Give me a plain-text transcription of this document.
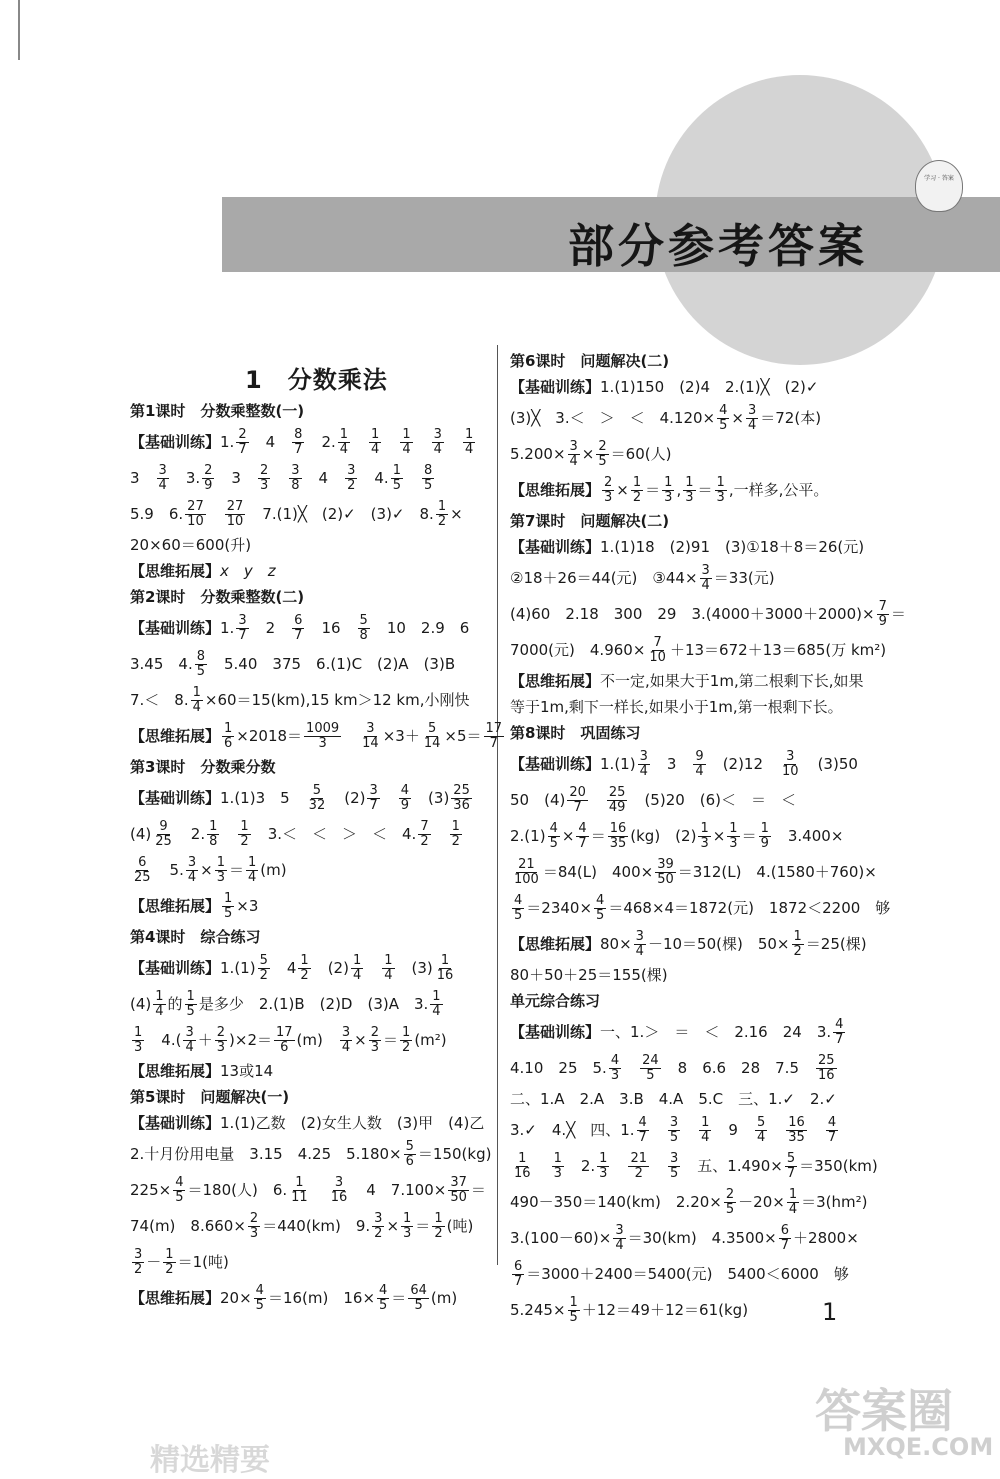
部分参考答案
学习 · 答案
1　 分数乘法
第1课时　分数乘整数(一)
【基础训练】 1. $\frac{2}{7}$ 　4　 $\frac{8}{7}$ 　2. $\frac{1}{4}$
　 $\frac{1}{4}$
　 $\frac{1}{4}$
　 $\frac{3}{4}$
　 $\frac{1}{4}$
3　 $\frac{3}{4}$ 　3. $\frac{2}{9}$ 　3　 $\frac{2}{3}$
　 $\frac{3}{8}$ 　4　 $\frac{3}{2}$ 　4. $\frac{1}{5}$
　 $\frac{8}{5}$
5.9　6. $\frac{27}{10}$
　 $\frac{27}{10}$ 　7.(1)╳　(2)✓　(3)✓　8. $\frac{1}{2}$ ×
20×60＝600(升)
【思维拓展】 x　y　z
第2课时　分数乘整数(二)
【基础训练】 1. $\frac{3}{7}$ 　2　 $\frac{6}{7}$ 　16　 $\frac{5}{8}$ 　10　2.9　6
3.45　4. $\frac{8}{5}$ 　5.40　375　6.(1)C　(2)A　(3)B
7.＜　8. $\frac{1}{4} \times 60=15(km),15$ km＞12 km,小刚快
【思维拓展】 $\frac{1}{6} \times 2018= \frac{1009}{3}$
　 $\frac{3}{14} \times 3+ \frac{5}{14} \times 5= \frac{17}{7}$
第3课时　分数乘分数
【基础训练】 1.(1)3　5　 $\frac{5}{32}$ 　$(2) \frac{3}{7}$
　 $\frac{4}{9}$ 　$(3) \frac{25}{36}$
$(4) \frac{9}{25}$ 　2. $\frac{1}{8}$
　 $\frac{1}{2}$ 　3.＜　＜　＞　＜　4. $\frac{7}{2}$
　 $\frac{1}{2}$
$\frac{6}{25}$ 　5. $\frac{3}{4} \times \frac{1}{3} = \frac{1}{4} (m)$
【思维拓展】 $\frac{1}{5} \times 3$
第4课时　综合练习
【基础训练】 $1.(1) \frac{5}{2}$ 　$4 \frac{1}{2}$ 　$(2) \frac{1}{4}$
　 $\frac{1}{4}$ 　$(3) \frac{1}{16}$
$(4) \frac{1}{4}$ 的 $\frac{1}{5}$ 是多少　2.(1)B　(2)D　(3)A　3. $\frac{1}{4}$
$\frac{1}{3}$ 　$4.( \frac{3}{4} + \frac{2}{3} )\times 2= \frac{17}{6} (m)$　 $\frac{3}{4} \times \frac{2}{3} = \frac{1}{2} (m^2)$
【思维拓展】 13或14
第5课时　问题解决(一)
【基础训练】 1.(1)乙数　(2)女生人数　(3)甲　(4)乙
2.十月份用电量　3.15　4.25　$5.180\times \frac{5}{6} =150(kg)$
$225\times \frac{4}{5} =180$(人)　6. $\frac{1}{11}$
　 $\frac{3}{16}$ 　4　$7.100\times \frac{37}{50}$ ＝
74(m)　$8.660\times \frac{2}{3} =440(km)$　9. $\frac{3}{2} \times \frac{1}{3} = \frac{1}{2}$ (吨)
$\frac{3}{2} - \frac{1}{2} =1$(吨)
【思维拓展】 $20\times \frac{4}{5} =16(m)$　$16\times \frac{4}{5} = \frac{64}{5} (m)$
第6课时　问题解决(二)
【基础训练】 1.(1)150　(2)4　2.(1)╳　(2)✓
(3)╳　3.＜　＞　＜　$4.120\times \frac{4}{5} \times \frac{3}{4} =72$(本)
$5.200\times \frac{3}{4} \times \frac{2}{5} =60$(人)
【思维拓展】 $\frac{2}{3} \times \frac{1}{2} = \frac{1}{3}$ , $\frac{1}{3} = \frac{1}{3}$ ,一样多,公平。
第7课时　问题解决(二)
【基础训练】 1.(1)18　(2)91　(3)①18＋8＝26(元)
②18＋26＝44(元)　③44× $\frac{3}{4} =33$(元)
(4)60　2.18　300　29　$3.(4000+3000+2000)\times \frac{7}{9}$ ＝
7000(元)　$4.960\times \frac{7}{10} +13=672+13=685$(万 km²)
【思维拓展】 不一定,如果大于1m,第二根剩下长,如果
等于1m,剩下一样长,如果小于1m,第一根剩下长。
第8课时　巩固练习
【基础训练】 $1.(1) \frac{3}{4}$ 　3　 $\frac{9}{4}$ 　(2)12　 $\frac{3}{10}$ 　(3)50
50　$(4) \frac{20}{7}$
　 $\frac{25}{49}$ 　(5)20　(6)＜　＝　＜
$2.(1) \frac{4}{5} \times \frac{4}{7} = \frac{16}{35} (kg)$　$(2) \frac{1}{3} \times \frac{1}{3} = \frac{1}{9}$ 　3.400×
$\frac{21}{100} =84(L)$　$400\times \frac{39}{50} =312(L)$　4.(1580＋760)×
$\frac{4}{5} =2340\times \frac{4}{5} =468\times 4=1872$(元)　1872＜2200　够
【思维拓展】 $80\times \frac{3}{4} -10=50$(棵)　$50\times \frac{1}{2} =25$(棵)
80＋50＋25＝155(棵)
单元综合练习
【基础训练】 一、1.＞　＝　＜　2.16　24　3. $\frac{4}{7}$
4.10　25　5. $\frac{4}{3}$
　 $\frac{24}{5}$ 　8　6.6　28　7.5　 $\frac{25}{16}$
二、1.A　2.A　3.B　4.A　5.C　三、1.✓　2.✓
3.✓　4.╳　四、1. $\frac{4}{7}$
　 $\frac{3}{5}$
　 $\frac{1}{4}$ 　9　 $\frac{5}{4}$
　 $\frac{16}{35}$
　 $\frac{4}{7}$
$\frac{1}{16}$
　 $\frac{1}{3}$ 　2. $\frac{1}{3}$
　 $\frac{21}{2}$
　 $\frac{3}{5}$ 　五、$1.490\times \frac{5}{7} =350(km)$
490－350＝140(km)　$2.20\times \frac{2}{5} -20\times \frac{1}{4} =3(hm^2)$
$3.(100-60)\times \frac{3}{4} =30(km)$　$4.3500\times \frac{6}{7} +2800\times$
$\frac{6}{7} =3000+2400=5400$(元)　5400＜6000　够
$5.245\times \frac{1}{5} +12=49+12=61(kg)$	1
精选精要
答案圈
MXQE.COM
